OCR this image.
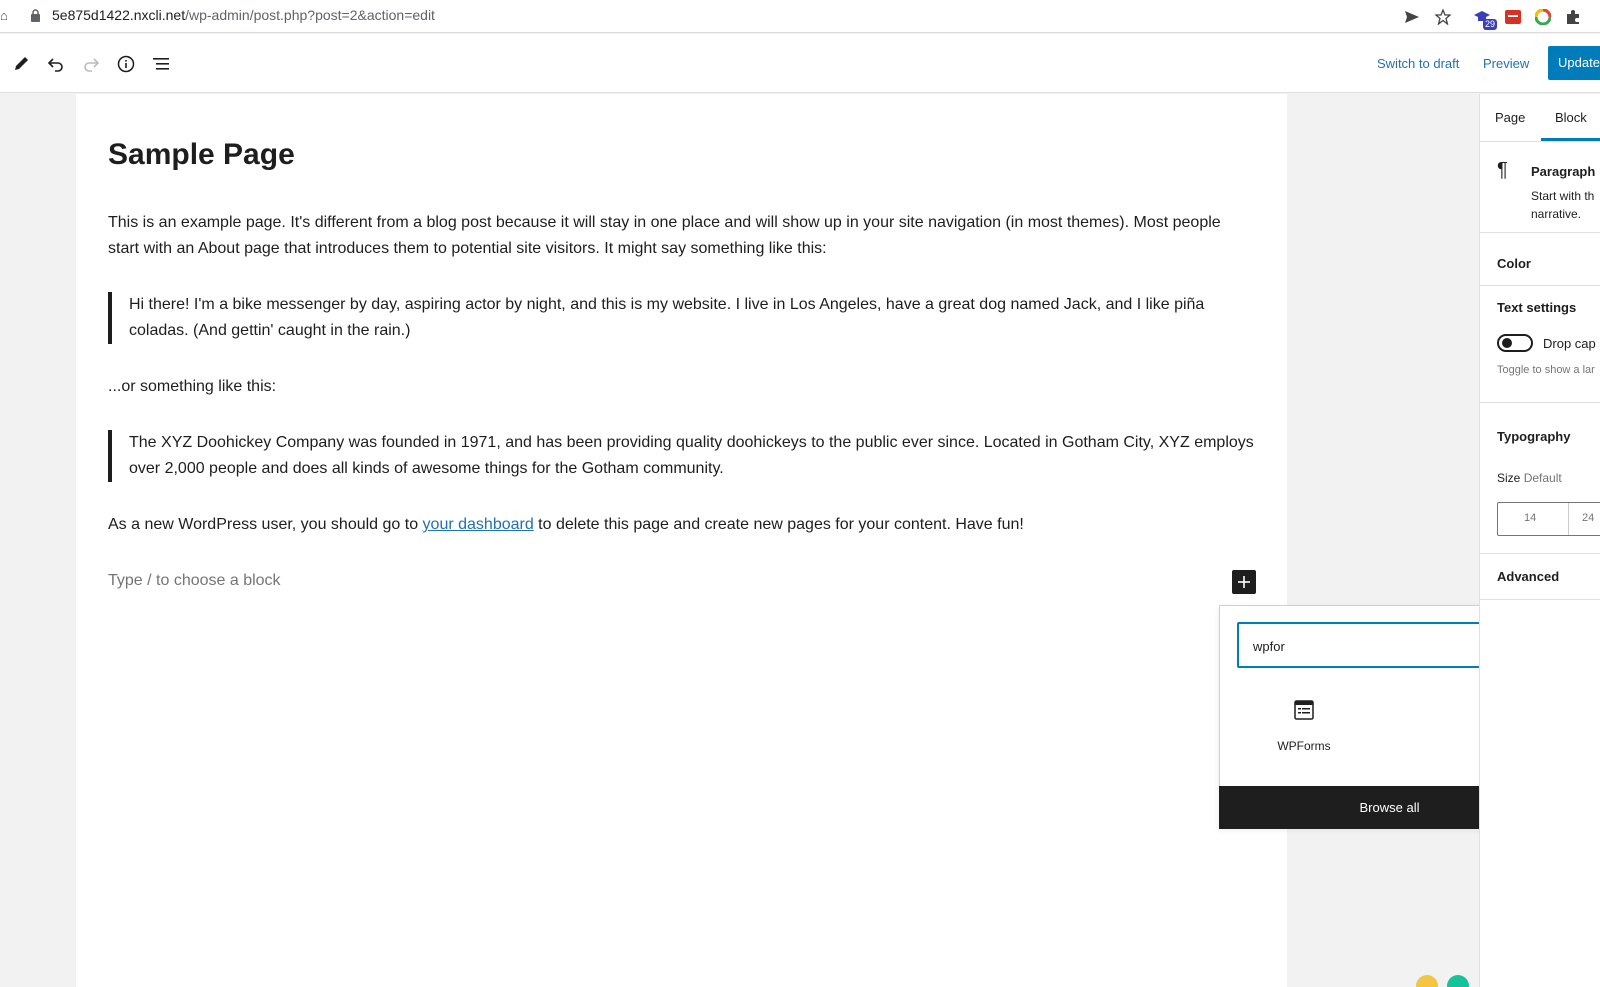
⌂	5e875d1422.nxcli.net/wp-admin/post.php?post=2&action=edit
29
Switch to draft Preview	Update
Sample Page

This is an example page. It's different from a blog post because it will stay in one place and will show up in your site navigation (in most themes). Most people start with an About page that introduces them to potential site visitors. It might say something like this:

Hi there! I'm a bike messenger by day, aspiring actor by night, and this is my website. I live in Los Angeles, have a great dog named Jack, and I like piña coladas. (And gettin' caught in the rain.)

...or something like this:

The XYZ Doohickey Company was founded in 1971, and has been providing quality doohickeys to the public ever since. Located in Gotham City, XYZ employs over 2,000 people and does all kinds of awesome things for the Gotham community.

As a new WordPress user, you should go to your dashboard to delete this page and create new pages for your content. Have fun!

Type / to choose a block
wpfor
WPForms
Browse all
Page Block
¶ Paragraph
Start with th narrative.
Color
Text settings
Drop cap
Toggle to show a lar
Typography
Size Default
14	24
Advanced
